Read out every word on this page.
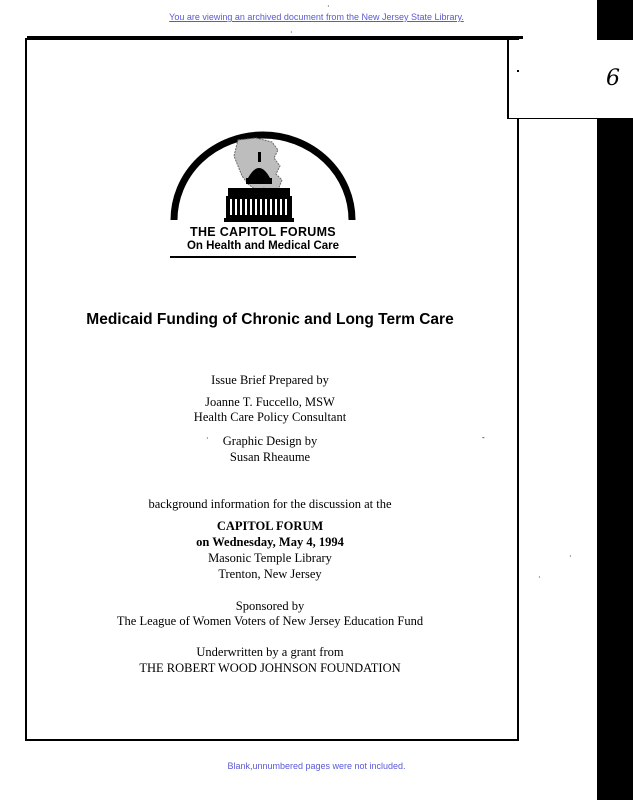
You are viewing an archived document from the New Jersey State Library.
·
·
-
·
·
·
THE CAPITOL FORUMS
On Health and Medical Care
Medicaid Funding of Chronic and Long Term Care
Issue Brief Prepared by
Joanne T. Fuccello, MSW
Health Care Policy Consultant
Graphic Design by
Susan Rheaume
background information for the discussion at the
CAPITOL FORUM
on Wednesday, May 4, 1994
Masonic Temple Library
Trenton, New Jersey
Sponsored by
The League of Women Voters of New Jersey Education Fund
Underwritten by a grant from
THE ROBERT WOOD JOHNSON FOUNDATION
Blank,unnumbered pages were not included.
